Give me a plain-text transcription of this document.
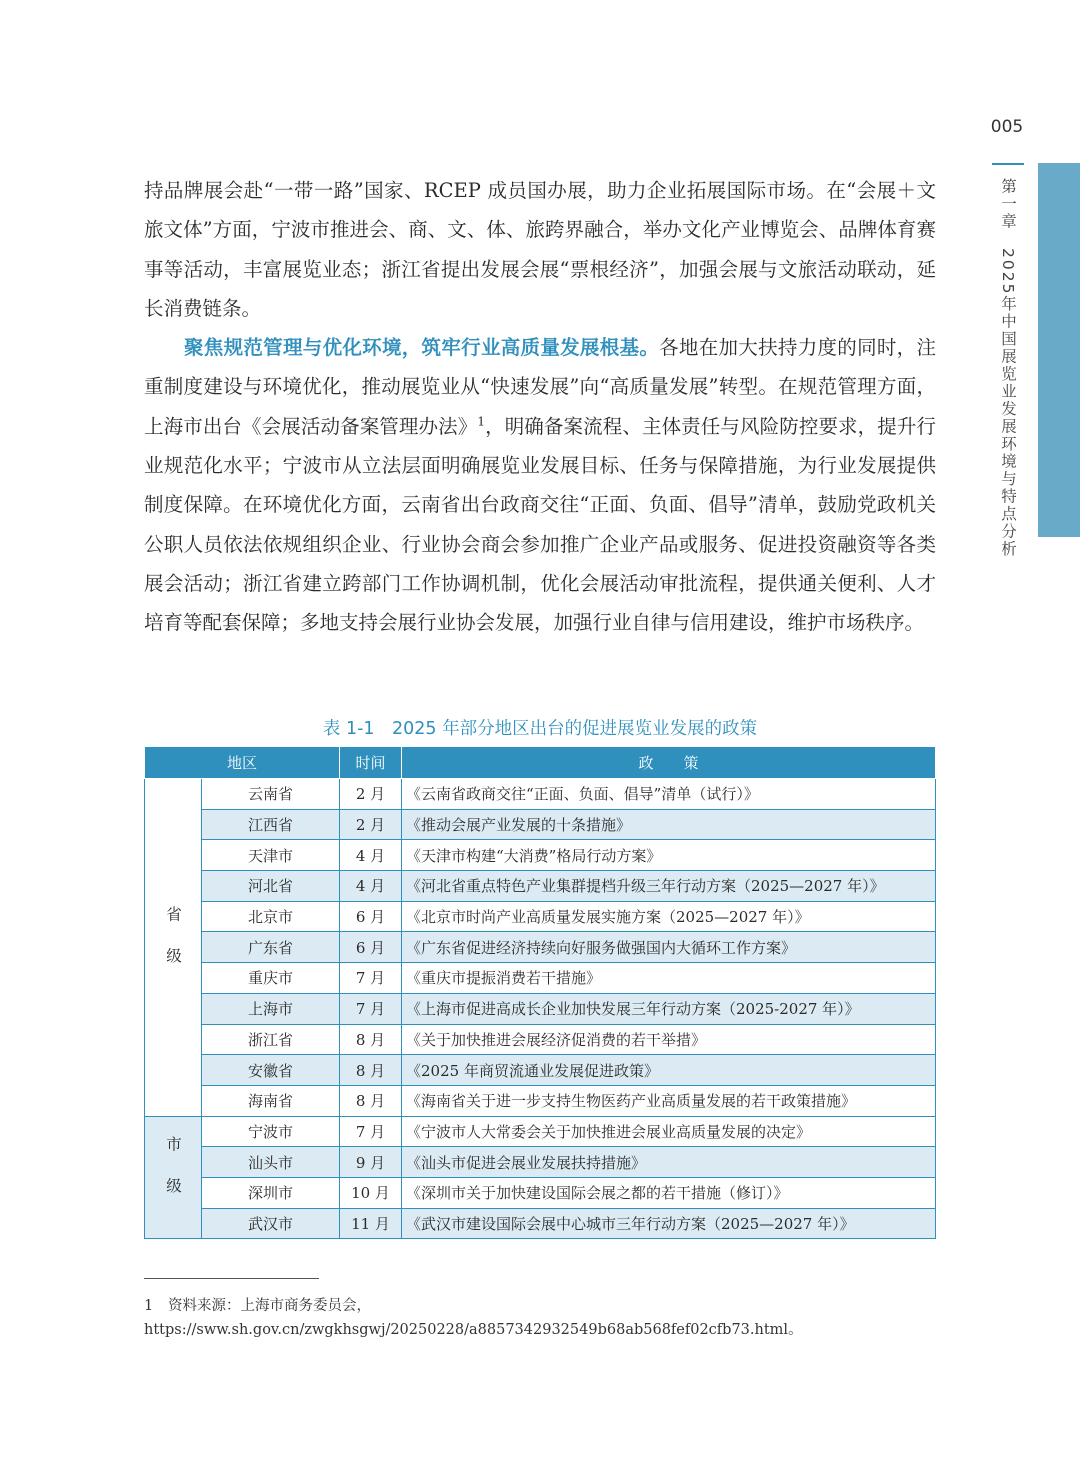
005
第一章　2025年中国展览业发展环境与特点分析

持品牌展会赴“一带一路”国家、RCEP 成员国办展，助力企业拓展国际市场。在“会展＋文旅文体”方面，宁波市推进会、商、文、体、旅跨界融合，举办文化产业博览会、品牌体育赛事等活动，丰富展览业态；浙江省提出发展会展“票根经济”，加强会展与文旅活动联动，延长消费链条。

聚焦规范管理与优化环境，筑牢行业高质量发展根基。各地在加大扶持力度的同时，注重制度建设与环境优化，推动展览业从“快速发展”向“高质量发展”转型。在规范管理方面，上海市出台《会展活动备案管理办法》$^1$，明确备案流程、主体责任与风险防控要求，提升行业规范化水平；宁波市从立法层面明确展览业发展目标、任务与保障措施，为行业发展提供制度保障。在环境优化方面，云南省出台政商交往“正面、负面、倡导”清单，鼓励党政机关公职人员依法依规组织企业、行业协会商会参加推广企业产品或服务、促进投资融资等各类展会活动；浙江省建立跨部门工作协调机制，优化会展活动审批流程，提供通关便利、人才培育等配套保障；多地支持会展行业协会发展，加强行业自律与信用建设，维护市场秩序。

表 1-1　2025 年部分地区出台的促进展览业发展的政策
地区		时间	政　　策
省级	云南省	2 月	《云南省政商交往“正面、负面、倡导”清单（试行）》
	江西省	2 月	《推动会展产业发展的十条措施》
	天津市	4 月	《天津市构建“大消费”格局行动方案》
	河北省	4 月	《河北省重点特色产业集群提档升级三年行动方案（2025—2027 年）》
	北京市	6 月	《北京市时尚产业高质量发展实施方案（2025—2027 年）》
	广东省	6 月	《广东省促进经济持续向好服务做强国内大循环工作方案》
	重庆市	7 月	《重庆市提振消费若干措施》
	上海市	7 月	《上海市促进高成长企业加快发展三年行动方案（2025-2027 年）》
	浙江省	8 月	《关于加快推进会展经济促消费的若干举措》
	安徽省	8 月	《2025 年商贸流通业发展促进政策》
	海南省	8 月	《海南省关于进一步支持生物医药产业高质量发展的若干政策措施》
市级	宁波市	7 月	《宁波市人大常委会关于加快推进会展业高质量发展的决定》
	汕头市	9 月	《汕头市促进会展业发展扶持措施》
	深圳市	10 月	《深圳市关于加快建设国际会展之都的若干措施（修订）》
	武汉市	11 月	《武汉市建设国际会展中心城市三年行动方案（2025—2027 年）》
1 资料来源：上海市商务委员会，https://sww.sh.gov.cn/zwgkhsgwj/20250228/a8857342932549b68ab568fef02cfb73.html。
